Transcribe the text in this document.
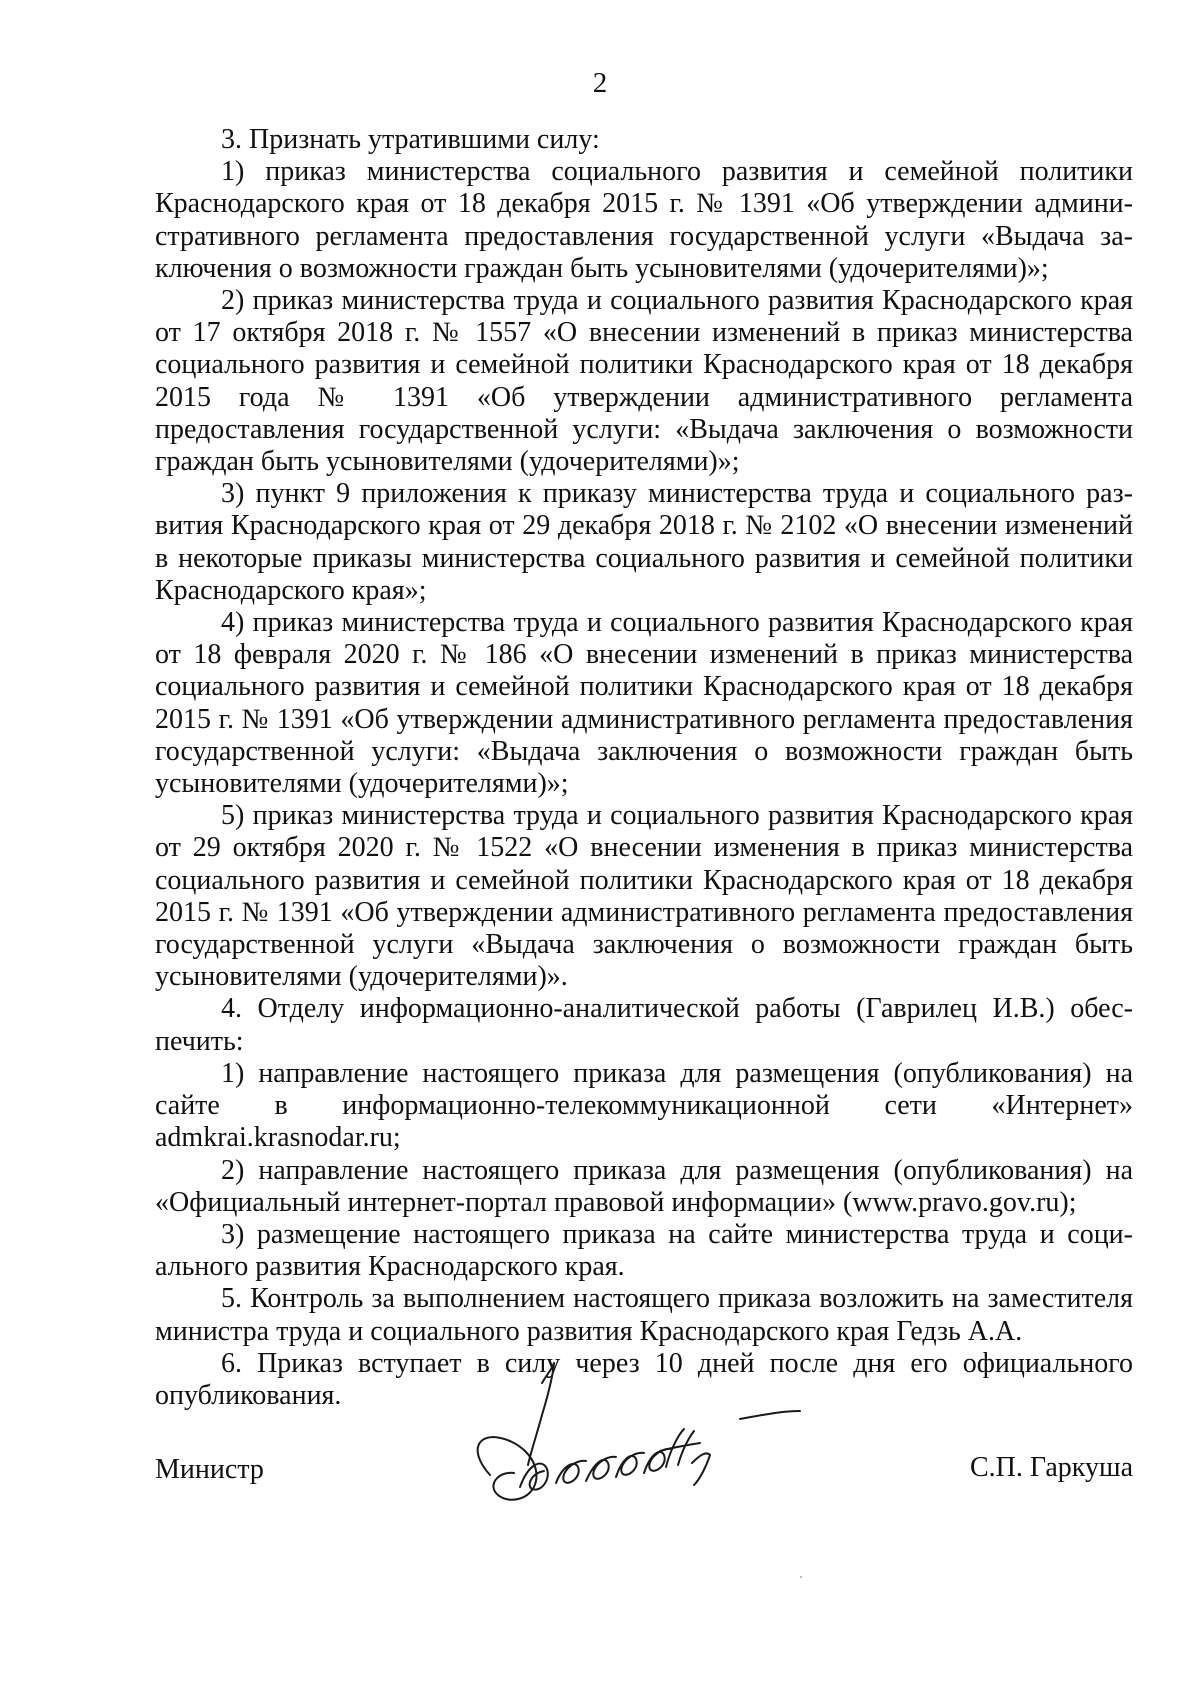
2

3. Признать утратившими силу:

1) приказ министерства социального развития и семейной политики Краснодарского края от 18 декабря 2015 г. № 1391 «Об утверждении административного регламента предоставления государственной услуги «Выдача заключения о возможности граждан быть усыновителями (удочерителями)»;

2) приказ министерства труда и социального развития Краснодарского края от 17 октября 2018 г. № 1557 «О внесении изменений в приказ министерства социального развития и семейной политики Краснодарского края от 18 декабря 2015 года № 1391 «Об утверждении административного регламента предоставления государственной услуги: «Выдача заключения о возможности граждан быть усыновителями (удочерителями)»;

3) пункт 9 приложения к приказу министерства труда и социального развития Краснодарского края от 29 декабря 2018 г. № 2102 «О внесении изменений в некоторые приказы министерства социального развития и семейной политики Краснодарского края»;

4) приказ министерства труда и социального развития Краснодарского края от 18 февраля 2020 г. № 186 «О внесении изменений в приказ министерства социального развития и семейной политики Краснодарского края от 18 декабря 2015 г. № 1391 «Об утверждении административного регламента предоставления государственной услуги: «Выдача заключения о возможности граждан быть усыновителями (удочерителями)»;

5) приказ министерства труда и социального развития Краснодарского края от 29 октября 2020 г. № 1522 «О внесении изменения в приказ министерства социального развития и семейной политики Краснодарского края от 18 декабря 2015 г. № 1391 «Об утверждении административного регламента предоставления государственной услуги «Выдача заключения о возможности граждан быть усыновителями (удочерителями)».

4. Отделу информационно-аналитической работы (Гаврилец И.В.) обеспечить:

1) направление настоящего приказа для размещения (опубликования) на сайте в информационно-телекоммуникационной сети «Интернет» admkrai.krasnodar.ru;

2) направление настоящего приказа для размещения (опубликования) на «Официальный интернет-портал правовой информации» (www.pravo.gov.ru);

3) размещение настоящего приказа на сайте министерства труда и социального развития Краснодарского края.

5. Контроль за выполнением настоящего приказа возложить на заместителя министра труда и социального развития Краснодарского края Гедзь А.А.

6. Приказ вступает в силу через 10 дней после дня его официального опубликования.

Министр	С.П. Гаркуша
